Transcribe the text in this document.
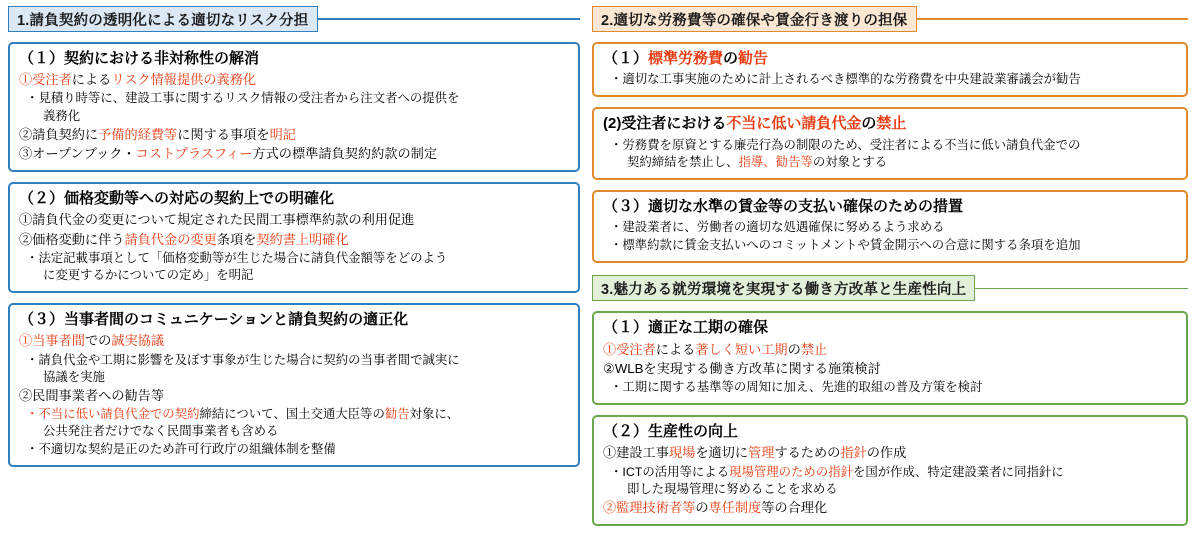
1.請負契約の透明化による適切なリスク分担
（１）契約における非対称性の解消
①受注者によるリスク情報提供の義務化
・見積り時等に、建設工事に関するリスク情報の受注者から注文者への提供を
義務化
②請負契約に予備的経費等に関する事項を明記
③オープンブック・コストプラスフィー方式の標準請負契約約款の制定
（２）価格変動等への対応の契約上での明確化
①請負代金の変更について規定された民間工事標準約款の利用促進
②価格変動に伴う請負代金の変更条項を契約書上明確化
・法定記載事項として「価格変動等が生じた場合に請負代金額等をどのよう
に変更するかについての定め」を明記
（３）当事者間のコミュニケーションと請負契約の適正化
①当事者間での誠実協議
・請負代金や工期に影響を及ぼす事象が生じた場合に契約の当事者間で誠実に
協議を実施
②民間事業者への勧告等
・不当に低い請負代金での契約締結について、国土交通大臣等の勧告対象に、
公共発注者だけでなく民間事業者も含める
・不適切な契約是正のため許可行政庁の組織体制を整備
2.適切な労務費等の確保や賃金行き渡りの担保
（１）標準労務費の勧告
・適切な工事実施のために計上されるべき標準的な労務費を中央建設業審議会が勧告
(2)受注者における不当に低い請負代金の禁止
・労務費を原資とする廉売行為の制限のため、受注者による不当に低い請負代金での
契約締結を禁止し、指導、勧告等の対象とする
（３）適切な水準の賃金等の支払い確保のための措置
・建設業者に、労働者の適切な処遇確保に努めるよう求める
・標準約款に賃金支払いへのコミットメントや賃金開示への合意に関する条項を追加
3.魅力ある就労環境を実現する働き方改革と生産性向上
（１）適正な工期の確保
①受注者による著しく短い工期の禁止
②WLBを実現する働き方改革に関する施策検討
・工期に関する基準等の周知に加え、先進的取組の普及方策を検討
（２）生産性の向上
①建設工事現場を適切に管理するための指針の作成
・ICTの活用等による現場管理のための指針を国が作成、特定建設業者に同指針に
即した現場管理に努めることを求める
②監理技術者等の専任制度等の合理化
